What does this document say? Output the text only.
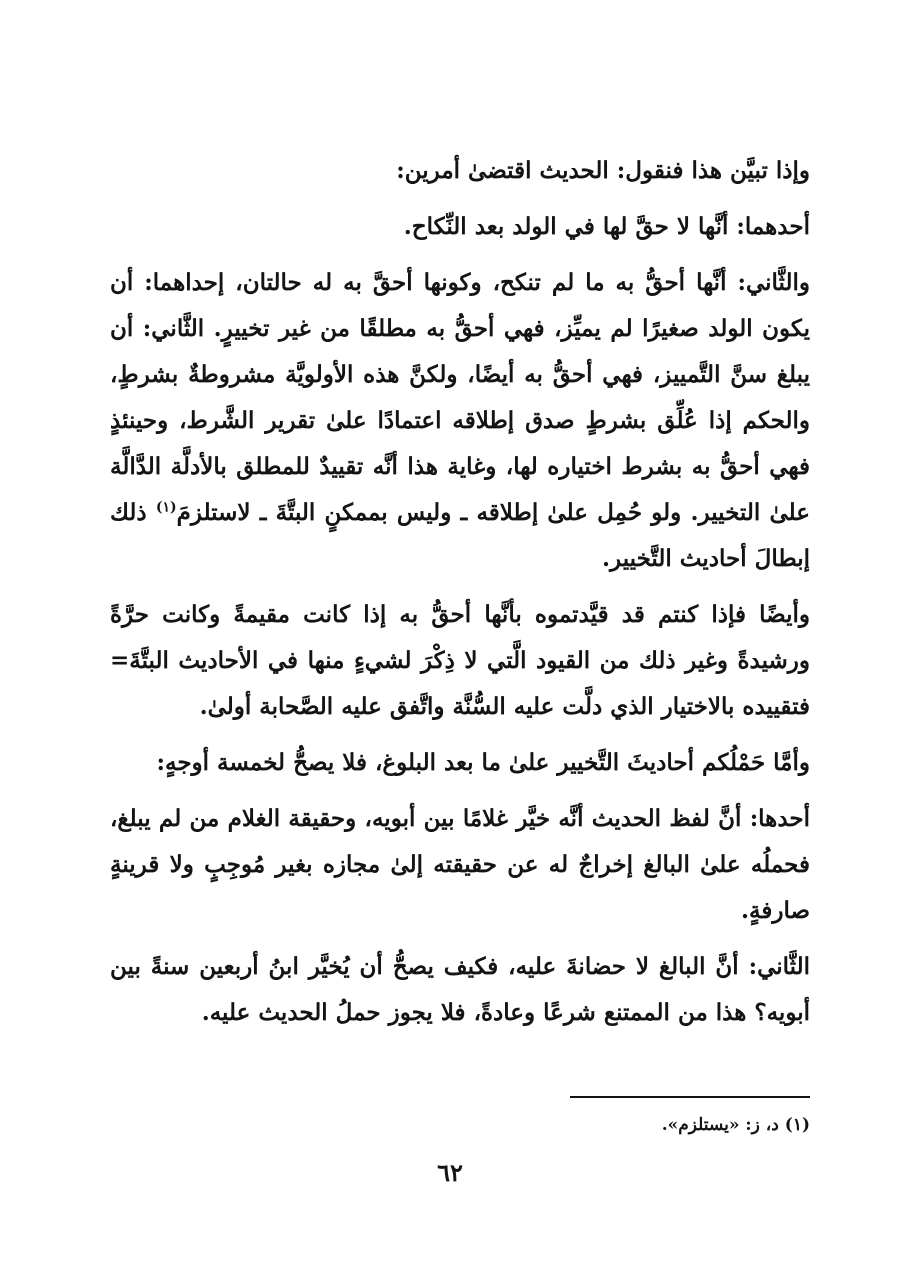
وإذا تبيَّن هذا فنقول: الحديث اقتضىٰ أمرين:

أحدهما: أنَّها لا حقَّ لها في الولد بعد النِّكاح.

والثَّاني: أنَّها أحقُّ به ما لم تنكح، وكونها أحقَّ به له حالتان، إحداهما: أن يكون الولد صغيرًا لم يميِّز، فهي أحقُّ به مطلقًا من غير تخييرٍ. الثَّاني: أن يبلغ سنَّ التَّمييز، فهي أحقُّ به أيضًا، ولكنَّ هذه الأولويَّة مشروطةٌ بشرطٍ، والحكم إذا عُلِّق بشرطٍ صدق إطلاقه اعتمادًا علىٰ تقرير الشَّرط، وحينئذٍ فهي أحقُّ به بشرط اختياره لها، وغاية هذا أنَّه تقييدٌ للمطلق بالأدلَّة الدَّالَّة علىٰ التخيير. ولو حُمِل علىٰ إطلاقه ـ وليس بممكنٍ البتَّةَ ـ لاستلزمَ$^{(١)}$ ذلك إبطالَ أحاديث التَّخيير.

وأيضًا فإذا كنتم قد قيَّدتموه بأنَّها أحقُّ به إذا كانت مقيمةً وكانت حرَّةً ورشيدةً وغير ذلك من القيود الَّتي لا ذِكْرَ لشيءٍ منها في الأحاديث البتَّةَ= فتقييده بالاختيار الذي دلَّت عليه السُّنَّة واتَّفق عليه الصَّحابة أولىٰ.

وأمَّا حَمْلُكم أحاديثَ التَّخيير علىٰ ما بعد البلوغ، فلا يصحُّ لخمسة أوجهٍ:

أحدها: أنَّ لفظ الحديث أنَّه خيَّر غلامًا بين أبويه، وحقيقة الغلام من لم يبلغ، فحملُه علىٰ البالغ إخراجٌ له عن حقيقته إلىٰ مجازه بغير مُوجِبٍ ولا قرينةٍ صارفةٍ.

الثَّاني: أنَّ البالغ لا حضانةَ عليه، فكيف يصحُّ أن يُخيَّر ابنُ أربعين سنةً بين أبويه؟ هذا من الممتنع شرعًا وعادةً، فلا يجوز حملُ الحديث عليه.

(١) د، ز: «يستلزم».
٦٢
